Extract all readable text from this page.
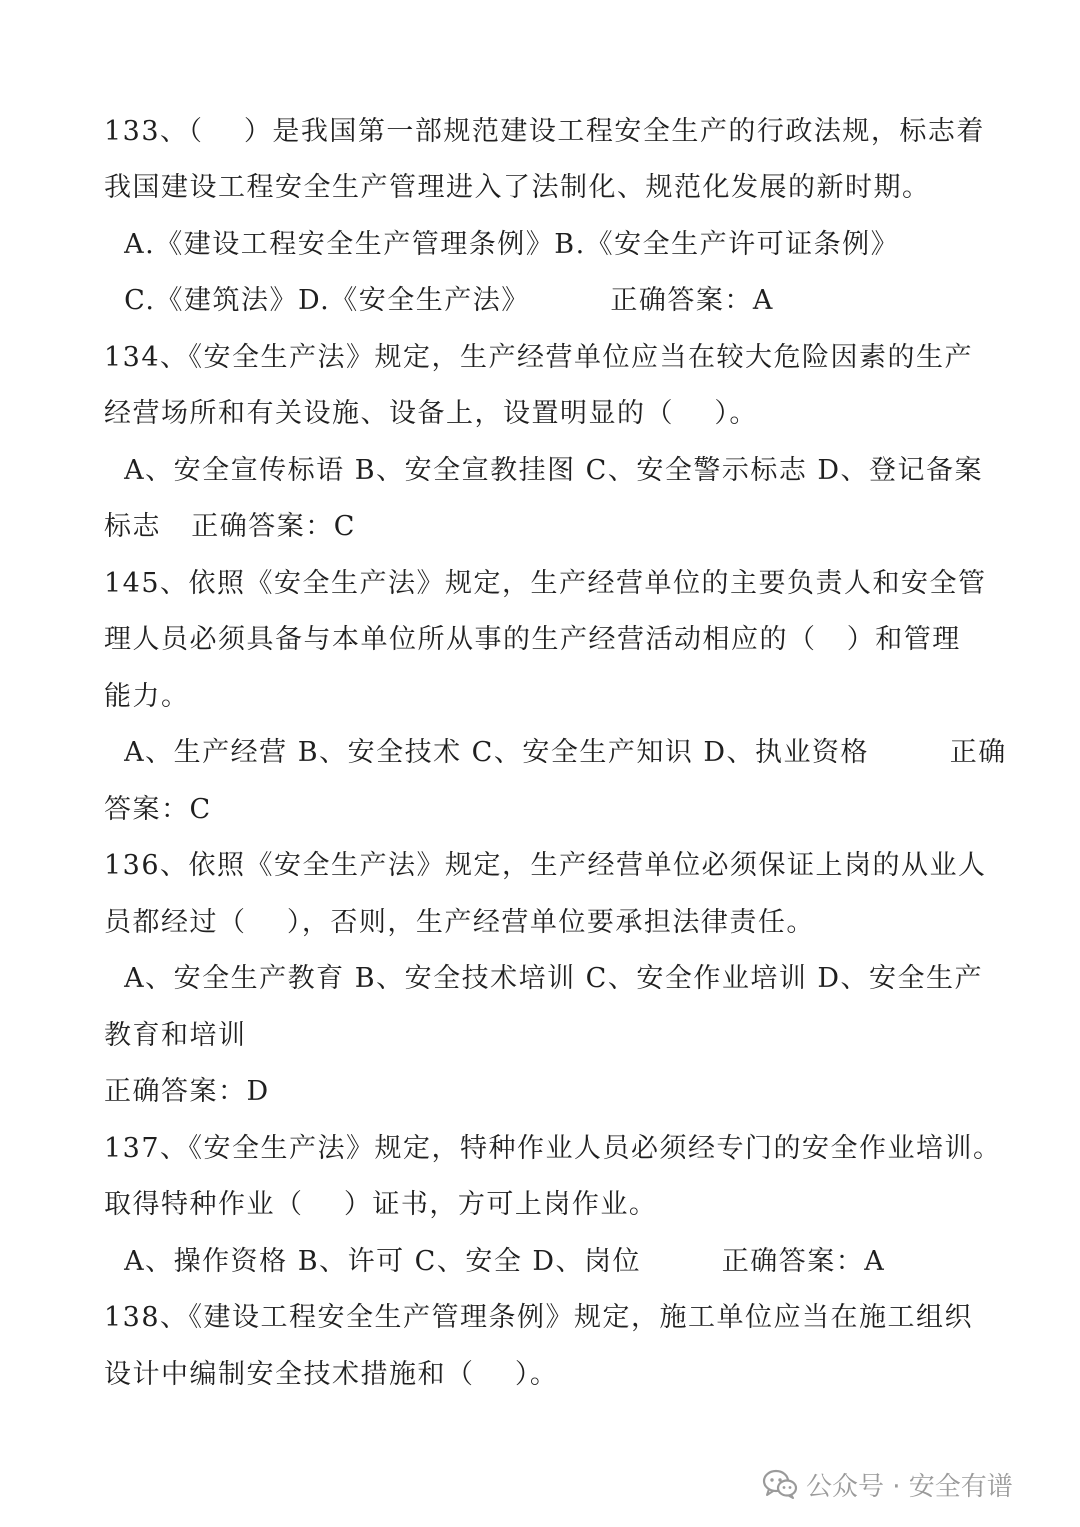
133、（    ）是我国第一部规范建设工程安全生产的行政法规，标志着
我国建设工程安全生产管理进入了法制化、规范化发展的新时期。
A.《建设工程安全生产管理条例》B.《安全生产许可证条例》
C.《建筑法》D.《安全生产法》        正确答案：A
134、《安全生产法》规定，生产经营单位应当在较大危险因素的生产
经营场所和有关设施、设备上，设置明显的（    ）。
A、安全宣传标语 B、安全宣教挂图 C、安全警示标志 D、登记备案
标志   正确答案：C
145、依照《安全生产法》规定，生产经营单位的主要负责人和安全管
理人员必须具备与本单位所从事的生产经营活动相应的（   ）和管理
能力。
A、生产经营 B、安全技术 C、安全生产知识 D、执业资格        正确
答案：C
136、依照《安全生产法》规定，生产经营单位必须保证上岗的从业人
员都经过（    ），否则，生产经营单位要承担法律责任。
A、安全生产教育 B、安全技术培训 C、安全作业培训 D、安全生产
教育和培训
正确答案：D
137、《安全生产法》规定，特种作业人员必须经专门的安全作业培训。
取得特种作业（    ）证书，方可上岗作业。
A、操作资格 B、许可 C、安全 D、岗位        正确答案：A
138、《建设工程安全生产管理条例》规定，施工单位应当在施工组织
设计中编制安全技术措施和（    ）。
公众号 · 安全有谱
